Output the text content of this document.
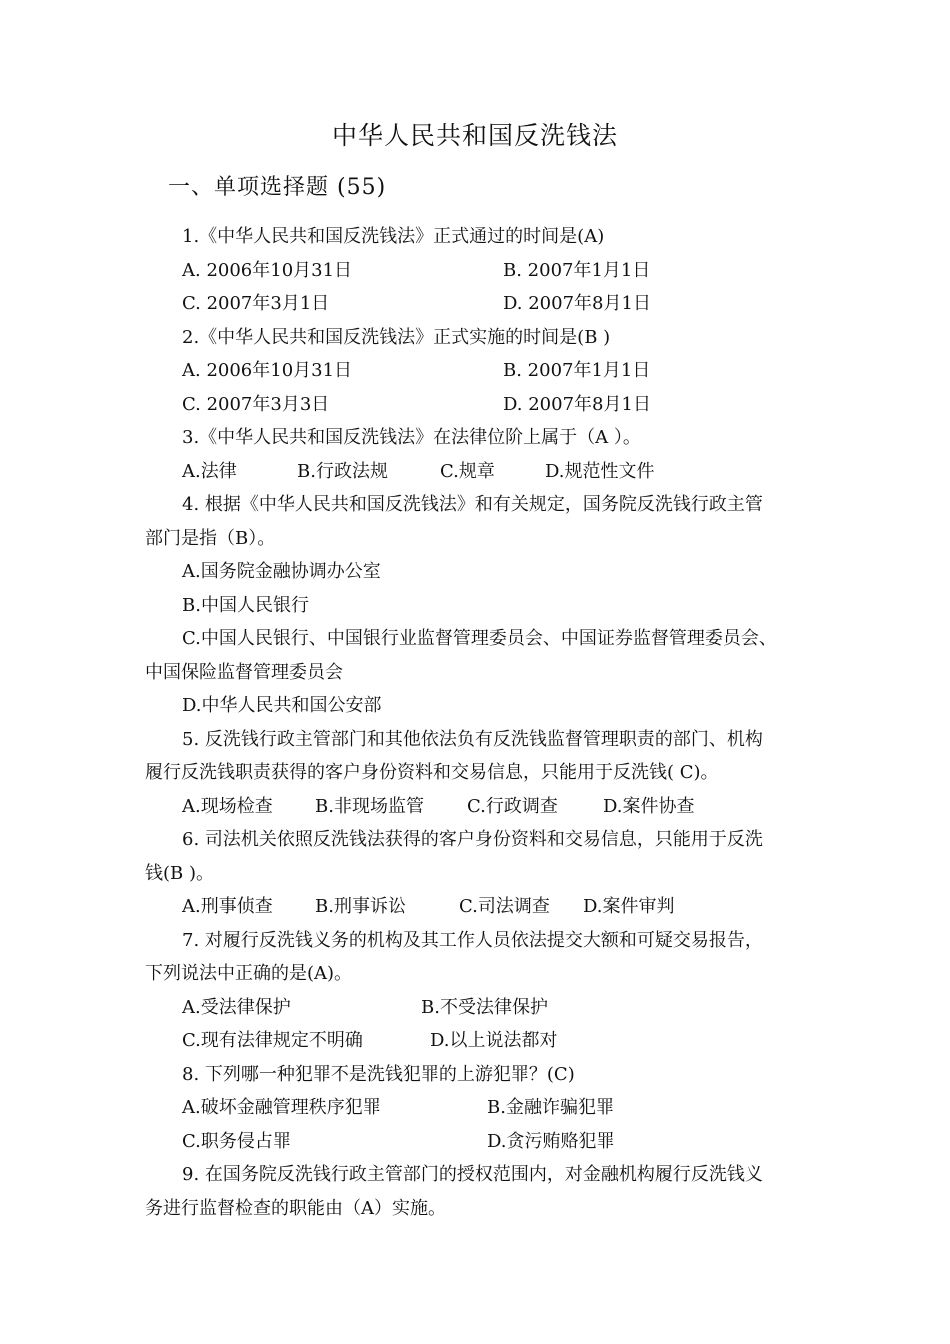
中华人民共和国反洗钱法
一、单项选择题 (55)
1.《中华人民共和国反洗钱法》正式通过的时间是(A)
A. 2006年10月31日	B. 2007年1月1日
C. 2007年3月1日	D. 2007年8月1日
2.《中华人民共和国反洗钱法》正式实施的时间是(B )
A. 2006年10月31日	B. 2007年1月1日
C. 2007年3月3日	D. 2007年8月1日
3.《中华人民共和国反洗钱法》在法律位阶上属于（A ）。
A.法律	B.行政法规	C.规章	D.规范性文件
4. 根据《中华人民共和国反洗钱法》和有关规定，国务院反洗钱行政主管
部门是指（B）。
A.国务院金融协调办公室
B.中国人民银行
C.中国人民银行、中国银行业监督管理委员会、中国证券监督管理委员会、
中国保险监督管理委员会
D.中华人民共和国公安部
5. 反洗钱行政主管部门和其他依法负有反洗钱监督管理职责的部门、机构
履行反洗钱职责获得的客户身份资料和交易信息，只能用于反洗钱( C)。
A.现场检查 B.非现场监管 C.行政调查	D.案件协查
6. 司法机关依照反洗钱法获得的客户身份资料和交易信息，只能用于反洗
钱(B )。
A.刑事侦查 B.刑事诉讼	C.司法调查 D.案件审判
7. 对履行反洗钱义务的机构及其工作人员依法提交大额和可疑交易报告，
下列说法中正确的是(A)。
A.受法律保护	B.不受法律保护
C.现有法律规定不明确	D.以上说法都对
8. 下列哪一种犯罪不是洗钱犯罪的上游犯罪？(C)
A.破坏金融管理秩序犯罪	B.金融诈骗犯罪
C.职务侵占罪	D.贪污贿赂犯罪
9. 在国务院反洗钱行政主管部门的授权范围内，对金融机构履行反洗钱义
务进行监督检查的职能由（A）实施。
